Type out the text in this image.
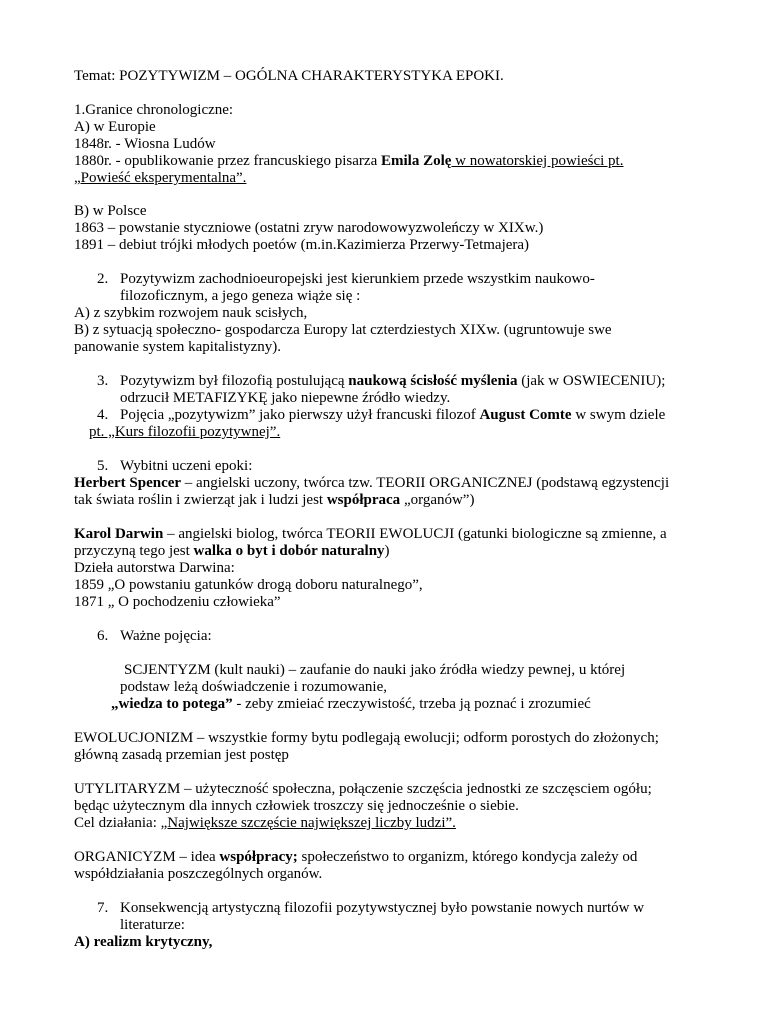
Temat: POZYTYWIZM – OGÓLNA CHARAKTERYSTYKA EPOKI.
1.Granice chronologiczne:
A) w Europie
1848r. - Wiosna Ludów
1880r. - opublikowanie przez francuskiego pisarza Emila Zolę w nowatorskiej powieści pt.
„Powieść eksperymentalna”.
B) w Polsce
1863 – powstanie styczniowe (ostatni zryw narodowowyzwoleńczy w XIXw.)
1891 – debiut trójki młodych poetów (m.in.Kazimierza Przerwy-Tetmajera)
2. Pozytywizm zachodnioeuropejski jest kierunkiem przede wszystkim naukowo-
filozoficznym, a jego geneza wiąże się :
A) z szybkim rozwojem nauk scisłych,
B) z sytuacją społeczno- gospodarcza Europy lat czterdziestych XIXw. (ugruntowuje swe
panowanie system kapitalistyzny).
3. Pozytywizm był filozofią postulującą naukową ścisłość myślenia (jak w OSWIECENIU);
odrzucił METAFIZYKĘ jako niepewne źródło wiedzy.
4. Pojęcia „pozytywizm” jako pierwszy użył francuski filozof August Comte w swym dziele
pt. „Kurs filozofii pozytywnej”.
5. Wybitni uczeni epoki:
Herbert Spencer – angielski uczony, twórca tzw. TEORII ORGANICZNEJ (podstawą egzystencji
tak świata roślin i zwierząt jak i ludzi jest współpraca „organów”)
Karol Darwin – angielski biolog, twórca TEORII EWOLUCJI (gatunki biologiczne są zmienne, a
przyczyną tego jest walka o byt i dobór naturalny)
Dzieła autorstwa Darwina:
1859 „O powstaniu gatunków drogą doboru naturalnego”,
1871 „ O pochodzeniu człowieka”
6. Ważne pojęcia:
SCJENTYZM (kult nauki) – zaufanie do nauki jako źródła wiedzy pewnej, u której
podstaw leżą doświadczenie i rozumowanie,
„wiedza to potega” - zeby zmieiać rzeczywistość, trzeba ją poznać i zrozumieć
EWOLUCJONIZM – wszystkie formy bytu podlegają ewolucji; odform porostych do złożonych;
główną zasadą przemian jest postęp
UTYLITARYZM – użyteczność społeczna, połączenie szczęścia jednostki ze szczęsciem ogółu;
będąc użytecznym dla innych człowiek troszczy się jednocześnie o siebie.
Cel działania: „Największe szczęście największej liczby ludzi”.
ORGANICYZM – idea współpracy; społeczeństwo to organizm, którego kondycja zależy od
współdziałania poszczególnych organów.
7. Konsekwencją artystyczną filozofii pozytywstycznej było powstanie nowych nurtów w
literaturze:
A) realizm krytyczny,
